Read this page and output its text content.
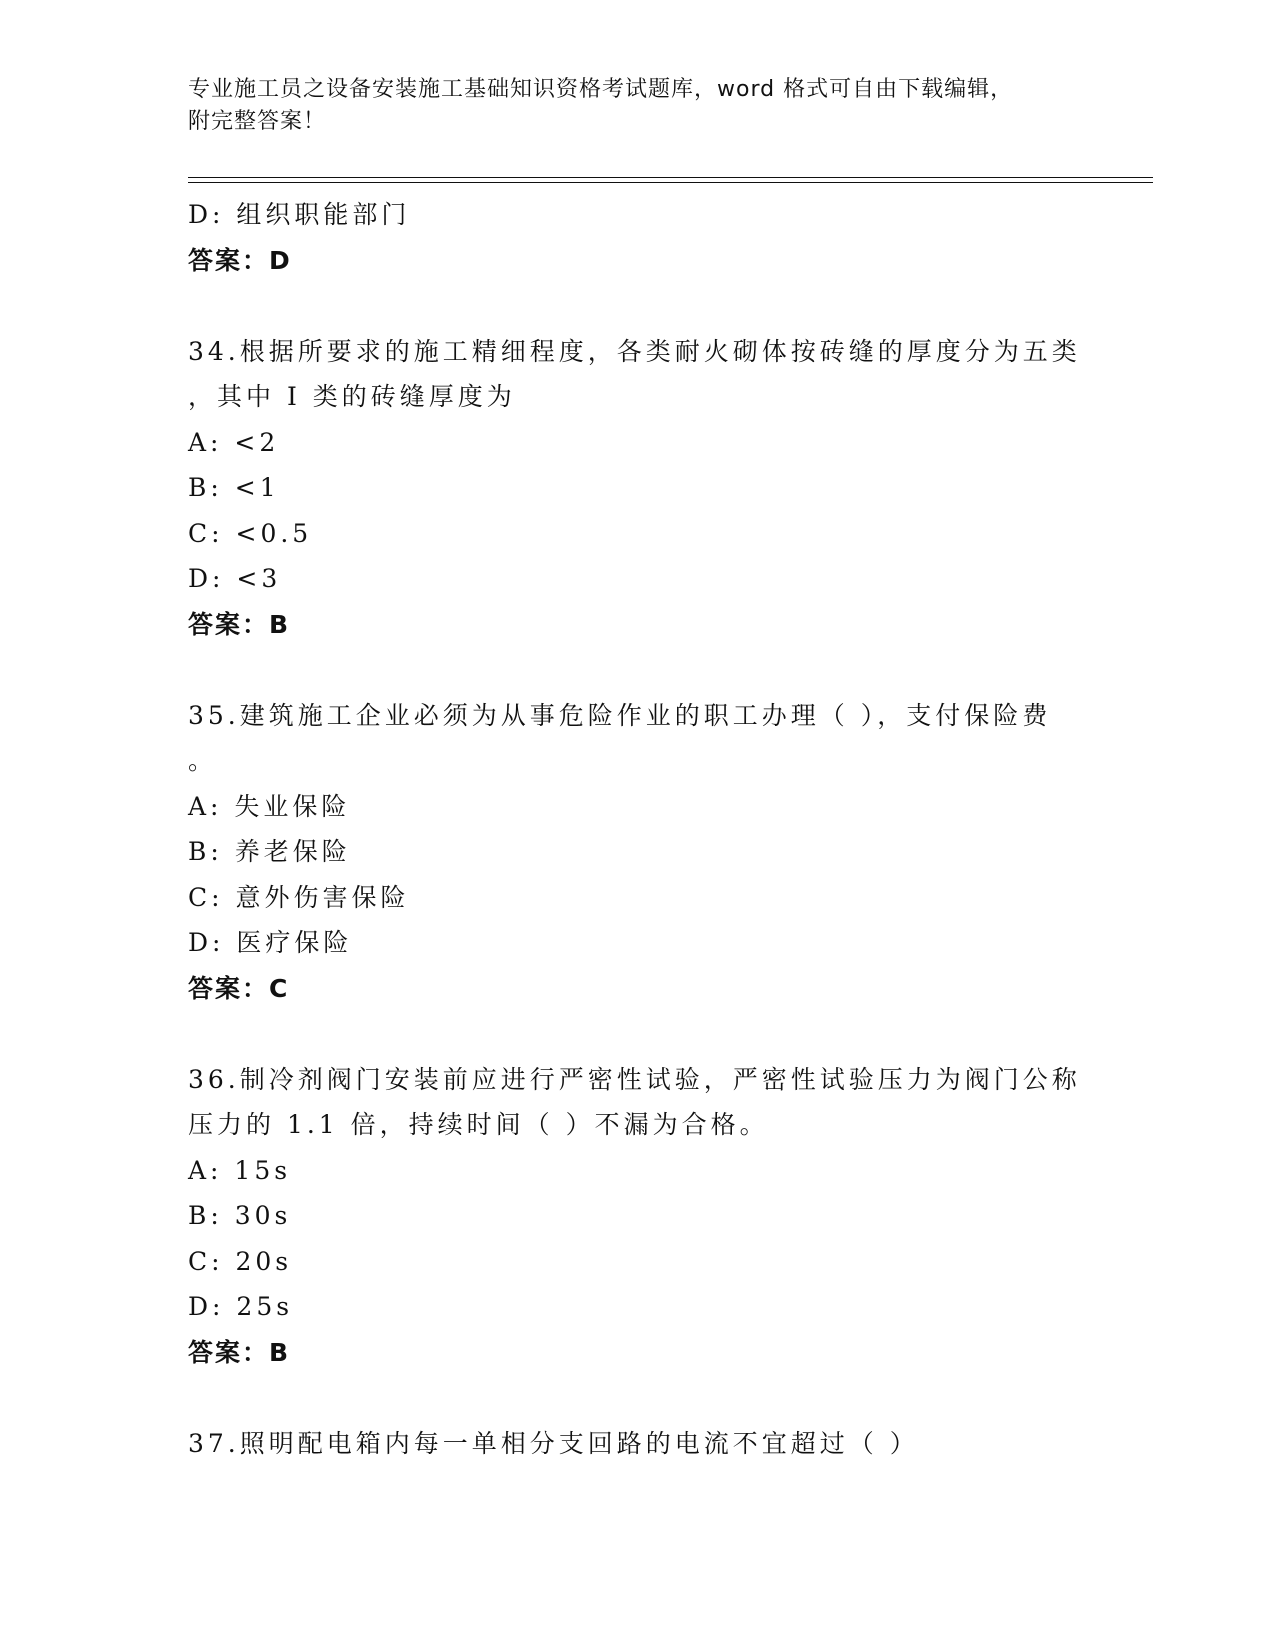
专业施工员之设备安装施工基础知识资格考试题库，word 格式可自由下载编辑，
附完整答案！
D: 组织职能部门
答案：D
34.根据所要求的施工精细程度，各类耐火砌体按砖缝的厚度分为五类
，其中 I 类的砖缝厚度为
A: <2
B: <1
C: <0.5
D: <3
答案：B
35.建筑施工企业必须为从事危险作业的职工办理（ ），支付保险费
。
A: 失业保险
B: 养老保险
C: 意外伤害保险
D: 医疗保险
答案：C
36.制冷剂阀门安装前应进行严密性试验，严密性试验压力为阀门公称
压力的 1.1 倍，持续时间（ ）不漏为合格。
A: 15s
B: 30s
C: 20s
D: 25s
答案：B
37.照明配电箱内每一单相分支回路的电流不宜超过（ ）
